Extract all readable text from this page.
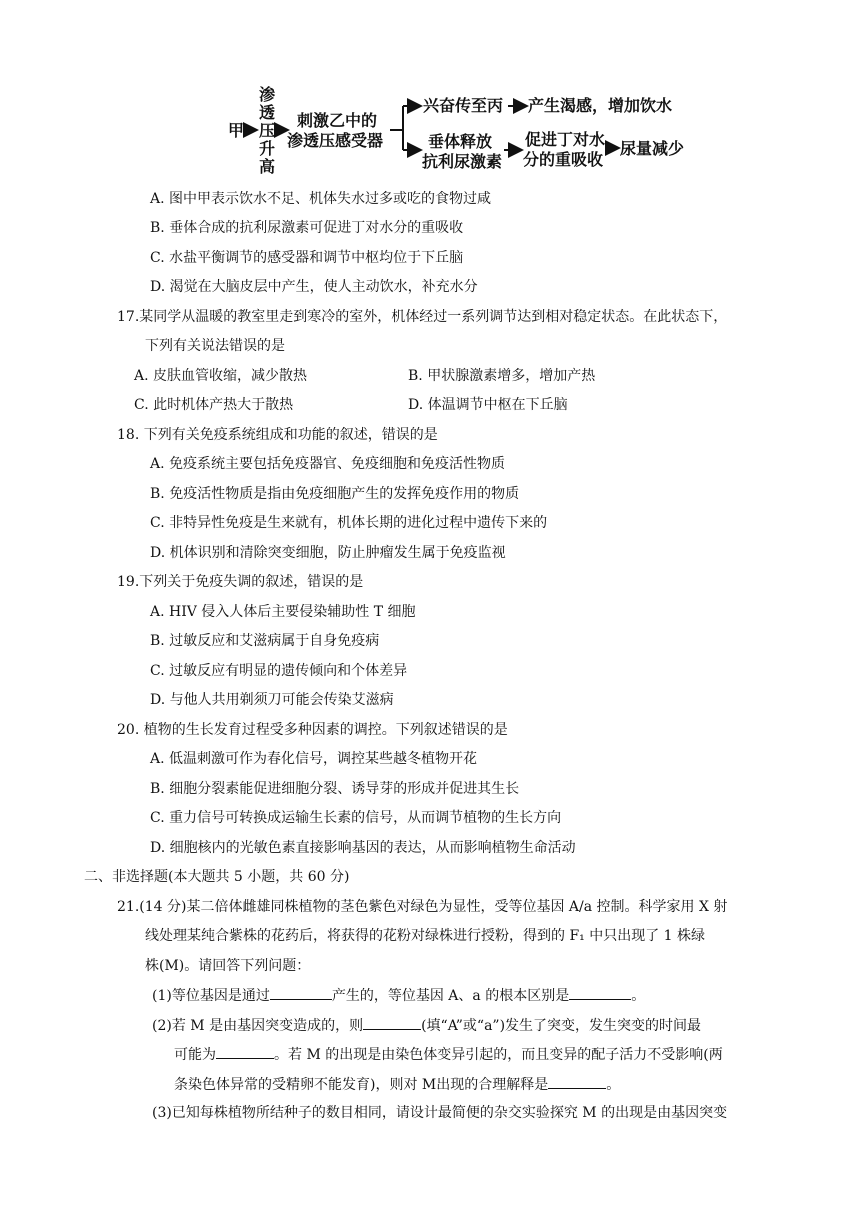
甲
渗透压升高
刺激乙中的
渗透压感受器
兴奋传至丙 产生渴感，增加饮水
垂体释放
抗利尿激素
促进丁对水
分的重吸收
尿量减少
A. 图中甲表示饮水不足、机体失水过多或吃的食物过咸
B. 垂体合成的抗利尿激素可促进丁对水分的重吸收
C. 水盐平衡调节的感受器和调节中枢均位于下丘脑
D. 渴觉在大脑皮层中产生，使人主动饮水，补充水分
17.某同学从温暖的教室里走到寒冷的室外，机体经过一系列调节达到相对稳定状态。在此状态下，
下列有关说法错误的是
A. 皮肤血管收缩，减少散热	B. 甲状腺激素增多，增加产热
C. 此时机体产热大于散热	D. 体温调节中枢在下丘脑
18. 下列有关免疫系统组成和功能的叙述，错误的是
A. 免疫系统主要包括免疫器官、免疫细胞和免疫活性物质
B. 免疫活性物质是指由免疫细胞产生的发挥免疫作用的物质
C. 非特异性免疫是生来就有，机体长期的进化过程中遗传下来的
D. 机体识别和清除突变细胞，防止肿瘤发生属于免疫监视
19.下列关于免疫失调的叙述，错误的是
A. HIV 侵入人体后主要侵染辅助性 T 细胞
B. 过敏反应和艾滋病属于自身免疫病
C. 过敏反应有明显的遗传倾向和个体差异
D. 与他人共用剃须刀可能会传染艾滋病
20. 植物的生长发育过程受多种因素的调控。下列叙述错误的是
A. 低温刺激可作为春化信号，调控某些越冬植物开花
B. 细胞分裂素能促进细胞分裂、诱导芽的形成并促进其生长
C. 重力信号可转换成运输生长素的信号，从而调节植物的生长方向
D. 细胞核内的光敏色素直接影响基因的表达，从而影响植物生命活动
二、非选择题(本大题共 5 小题，共 60 分)
21.(14 分)某二倍体雌雄同株植物的茎色紫色对绿色为显性，受等位基因 A/a 控制。科学家用 X 射
线处理某纯合紫株的花药后，将获得的花粉对绿株进行授粉，得到的 F₁ 中只出现了 1 株绿
株(M)。请回答下列问题：
(1)等位基因是通过	产生的，等位基因 A、a 的根本区别是	。
(2)若 M 是由基因突变造成的，则	(填“A”或“a”)发生了突变，发生突变的时间最
可能为	。若 M 的出现是由染色体变异引起的，而且变异的配子活力不受影响(两
条染色体异常的受精卵不能发育)，则对 M出现的合理解释是	。
(3)已知每株植物所结种子的数目相同，请设计最简便的杂交实验探究 M 的出现是由基因突变
